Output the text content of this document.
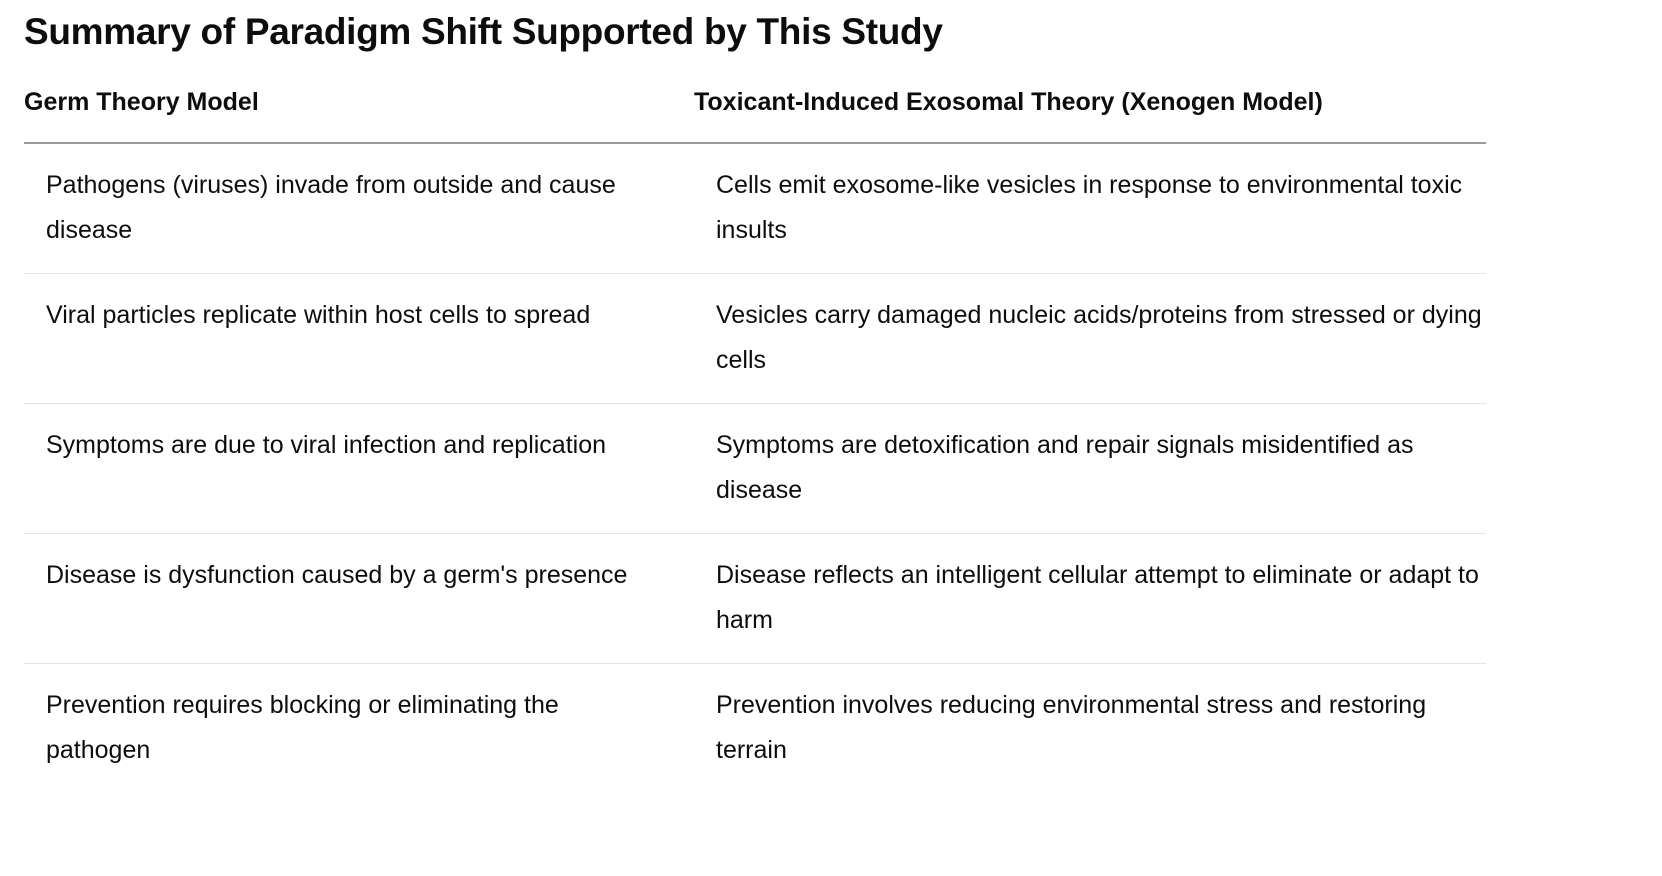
Summary of Paradigm Shift Supported by This Study
Germ Theory Model	Toxicant-Induced Exosomal Theory (Xenogen Model)
Pathogens (viruses) invade from outside and cause disease	Cells emit exosome-like vesicles in response to environmental toxic insults
Viral particles replicate within host cells to spread	Vesicles carry damaged nucleic acids/proteins from stressed or dying cells
Symptoms are due to viral infection and replication	Symptoms are detoxification and repair signals misidentified as disease
Disease is dysfunction caused by a germ's presence	Disease reflects an intelligent cellular attempt to eliminate or adapt to harm
Prevention requires blocking or eliminating the pathogen	Prevention involves reducing environmental stress and restoring terrain
